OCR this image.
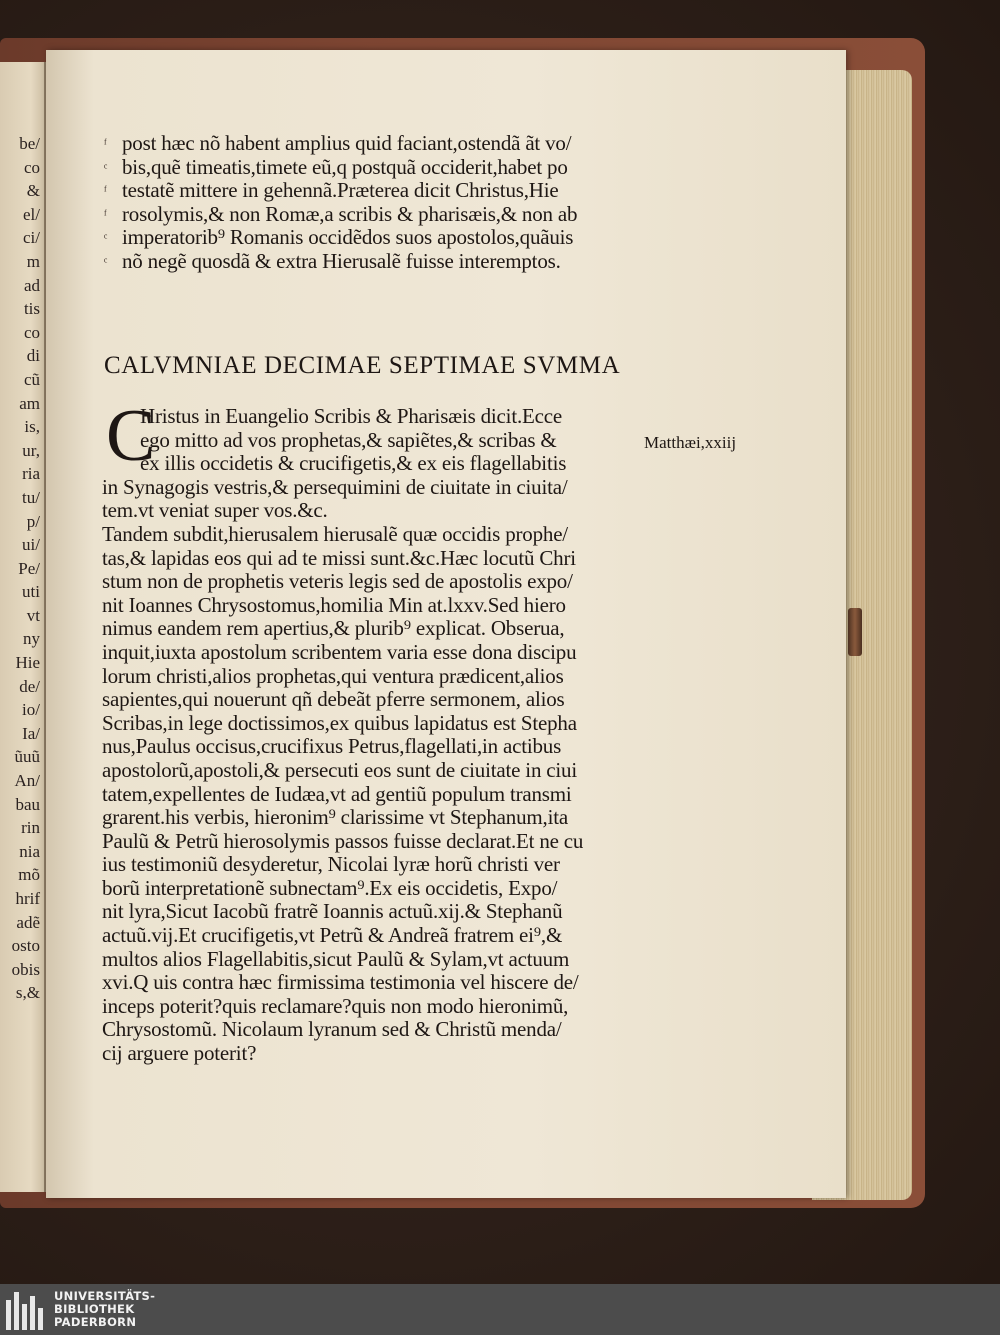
be/
co
&
el/
ci/
m
ad
tis
co
di
cũ
am
is,
ur,
ria
tu/
p/
ui/
Pe/
uti
vt
ny
Hie
de/
io/
Ia/
ũuũ
An/
bau
rin
nia
mõ
hrif
adẽ
osto
obis
s,&
ᶠ
ᶜ
ᶠ
ᶠ
ᶜ
ᶜ
post hæc nõ habent amplius quid faciant,ostendã ãt vo/
bis,quẽ timeatis,timete eũ,q postquã occiderit,habet po
testatẽ mittere in gehennã.Præterea dicit Christus,Hie
rosolymis,& non Romæ,a scribis & pharisæis,& non ab
imperatorib⁹ Romanis occidẽdos suos apostolos,quãuis
nõ negẽ quosdã & extra Hierusalẽ fuisse interemptos.
CALVMNIAE DECIMAE SEPTIMAE SVMMA
C
Hristus in Euangelio Scribis & Pharisæis dicit.Ecce
ego mitto ad vos prophetas,& sapiẽtes,& scribas &
ex illis occidetis & crucifigetis,& ex eis flagellabitis
in Synagogis vestris,& persequimini de ciuitate in ciuita/
tem.vt veniat super vos.&c.
Tandem subdit,hierusalem hierusalẽ quæ occidis prophe/
tas,& lapidas eos qui ad te missi sunt.&c.Hæc locutũ Chri
stum non de prophetis veteris legis sed de apostolis expo/
nit Ioannes Chrysostomus,homilia Min at.lxxv.Sed hiero
nimus eandem rem apertius,& plurib⁹ explicat. Obserua,
inquit,iuxta apostolum scribentem varia esse dona discipu
lorum christi,alios prophetas,qui ventura prædicent,alios
sapientes,qui nouerunt qñ debeãt pferre sermonem, alios
Scribas,in lege doctissimos,ex quibus lapidatus est Stepha
nus,Paulus occisus,crucifixus Petrus,flagellati,in actibus
apostolorũ,apostoli,& persecuti eos sunt de ciuitate in ciui
tatem,expellentes de Iudæa,vt ad gentiũ populum transmi
grarent.his verbis, hieronim⁹ clarissime vt Stephanum,ita
Paulũ & Petrũ hierosolymis passos fuisse declarat.Et ne cu
ius testimoniũ desyderetur, Nicolai lyræ horũ christi ver
borũ interpretationẽ subnectam⁹.Ex eis occidetis, Expo/
nit lyra,Sicut Iacobũ fratrẽ Ioannis actuũ.xij.& Stephanũ
actuũ.vij.Et crucifigetis,vt Petrũ & Andreã fratrem ei⁹,&
multos alios Flagellabitis,sicut Paulũ & Sylam,vt actuum
xvi.Q uis contra hæc firmissima testimonia vel hiscere de/
inceps poterit?quis reclamare?quis non modo hieronimũ,
Chrysostomũ. Nicolaum lyranum sed & Christũ menda/
cij arguere poterit?
Matthæi,xxiij
UNIVERSITÄTS-
BIBLIOTHEK
PADERBORN
